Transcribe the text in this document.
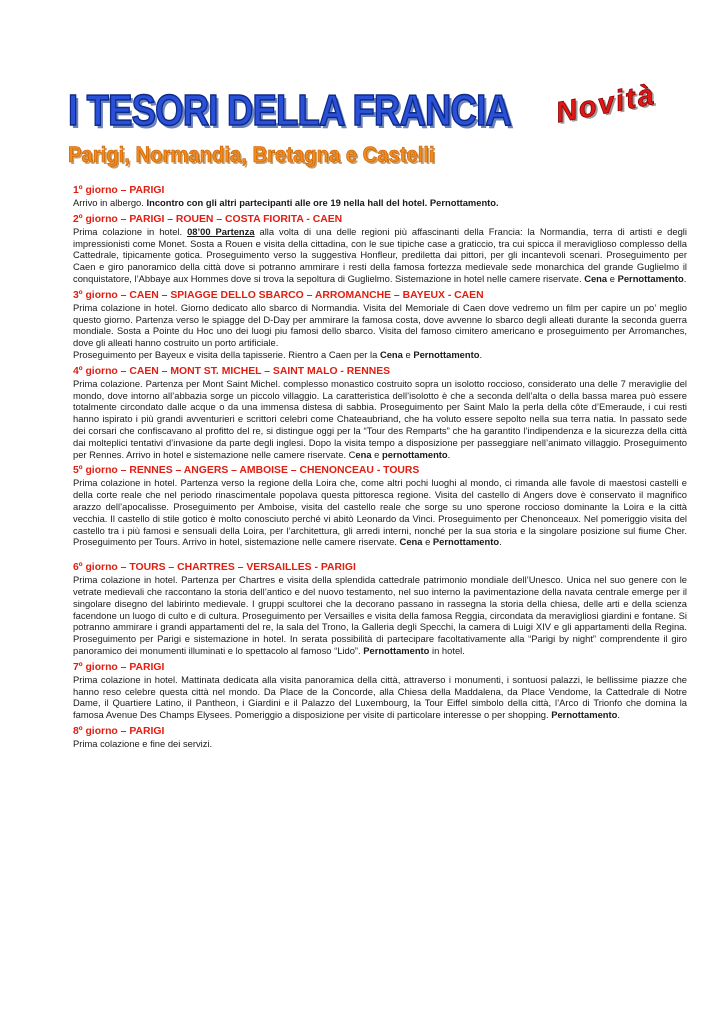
I TESORI DELLA FRANCIA
Parigi, Normandia, Bretagna e Castelli
Novità
1º giorno – PARIGI

Arrivo in albergo. Incontro con gli altri partecipanti alle ore 19 nella hall del hotel. Pernottamento.

2º giorno – PARIGI – ROUEN – COSTA FIORITA - CAEN

Prima colazione in hotel. 08’00 Partenza alla volta di una delle regioni più affascinanti della Francia: la Normandia, terra di artisti e degli impressionisti come Monet. Sosta a Rouen e visita della cittadina, con le sue tipiche case a graticcio, tra cui spicca il meraviglioso complesso della Cattedrale, tipicamente gotica. Proseguimento verso la suggestiva Honfleur, prediletta dai pittori, per gli incantevoli scenari. Proseguimento per Caen e giro panoramico della città dove si potranno ammirare i resti della famosa fortezza medievale sede monarchica del grande Guglielmo il conquistatore, l’Abbaye aux Hommes dove si trova la sepoltura di Guglielmo. Sistemazione in hotel nelle camere riservate. Cena e Pernottamento.

3º giorno – CAEN – SPIAGGE DELLO SBARCO – ARROMANCHE – BAYEUX - CAEN

Prima colazione in hotel. Giorno dedicato allo sbarco di Normandia. Visita del Memoriale di Caen dove vedremo un film per capire un po’ meglio questo giorno. Partenza verso le spiagge del D-Day per ammirare la famosa costa, dove avvenne lo sbarco degli alleati durante la seconda guerra mondiale. Sosta a Pointe du Hoc uno dei luogi piu famosi dello sbarco. Visita del famoso cimitero americano e proseguimento per Arromanches, dove gli alleati hanno costruito un porto artificiale.

Proseguimento per Bayeux e visita della tapisserie. Rientro a Caen per la Cena e Pernottamento.

4º giorno – CAEN – MONT ST. MICHEL – SAINT MALO - RENNES

Prima colazione. Partenza per Mont Saint Michel. complesso monastico costruito sopra un isolotto roccioso, considerato una delle 7 meraviglie del mondo, dove intorno all’abbazia sorge un piccolo villaggio. La caratteristica dell’isolotto è che a seconda dell’alta o della bassa marea può essere totalmente circondato dalle acque o da una immensa distesa di sabbia. Proseguimento per Saint Malo la perla della côte d’Emeraude, i cui resti hanno ispirato i più grandi avventurieri e scrittori celebri come Chateaubriand, che ha voluto essere sepolto nella sua terra natia. In passato sede dei corsari che confiscavano al profitto del re, si distingue oggi per la “Tour des Remparts” che ha garantito l’indipendenza e la sicurezza della città dai molteplici tentativi d’invasione da parte degli inglesi. Dopo la visita tempo a disposizione per passeggiare nell’animato villaggio. Proseguimento per Rennes. Arrivo in hotel e sistemazione nelle camere riservate. Cena e pernottamento.

5º giorno – RENNES – ANGERS – AMBOISE – CHENONCEAU - TOURS

Prima colazione in hotel. Partenza verso la regione della Loira che, come altri pochi luoghi al mondo, ci rimanda alle favole di maestosi castelli e della corte reale che nel periodo rinascimentale popolava questa pittoresca regione. Visita del castello di Angers dove è conservato il magnifico arazzo dell’apocalisse. Proseguimento per Amboise, visita del castello reale che sorge su uno sperone roccioso dominante la Loira e la città vecchia. Il castello di stile gotico è molto conosciuto perché vi abitò Leonardo da Vinci. Proseguimento per Chenonceaux. Nel pomeriggio visita del castello tra i più famosi e sensuali della Loira, per l’architettura, gli arredi interni, nonché per la sua storia e la singolare posizione sul fiume Cher. Proseguimento per Tours. Arrivo in hotel, sistemazione nelle camere riservate. Cena e Pernottamento.

6º giorno – TOURS – CHARTRES – VERSAILLES - PARIGI

Prima colazione in hotel. Partenza per Chartres e visita della splendida cattedrale patrimonio mondiale dell’Unesco. Unica nel suo genere con le vetrate medievali che raccontano la storia dell’antico e del nuovo testamento, nel suo interno la pavimentazione della navata centrale emerge per il singolare disegno del labirinto medievale. I gruppi scultorei che la decorano passano in rassegna la storia della chiesa, delle arti e della scienza facendone un luogo di culto e di cultura. Proseguimento per Versailles e visita della famosa Reggia, circondata da meravigliosi giardini e fontane. Si potranno ammirare i grandi appartamenti del re, la sala del Trono, la Galleria degli Specchi, la camera di Luigi XIV e gli appartamenti della Regina. Proseguimento per Parigi e sistemazione in hotel. In serata possibilità di partecipare facoltativamente alla “Parigi by night” comprendente il giro panoramico dei monumenti illuminati e lo spettacolo al famoso “Lido”. Pernottamento in hotel.

7º giorno – PARIGI

Prima colazione in hotel. Mattinata dedicata alla visita panoramica della città, attraverso i monumenti, i sontuosi palazzi, le bellissime piazze che hanno reso celebre questa città nel mondo. Da Place de la Concorde, alla Chiesa della Maddalena, da Place Vendome, la Cattedrale di Notre Dame, il Quartiere Latino, il Pantheon, i Giardini e il Palazzo del Luxembourg, la Tour Eiffel simbolo della città, l’Arco di Trionfo che domina la famosa Avenue Des Champs Elysees. Pomeriggio a disposizione per visite di particolare interesse o per shopping. Pernottamento.

8º giorno – PARIGI

Prima colazione e fine dei servizi.
